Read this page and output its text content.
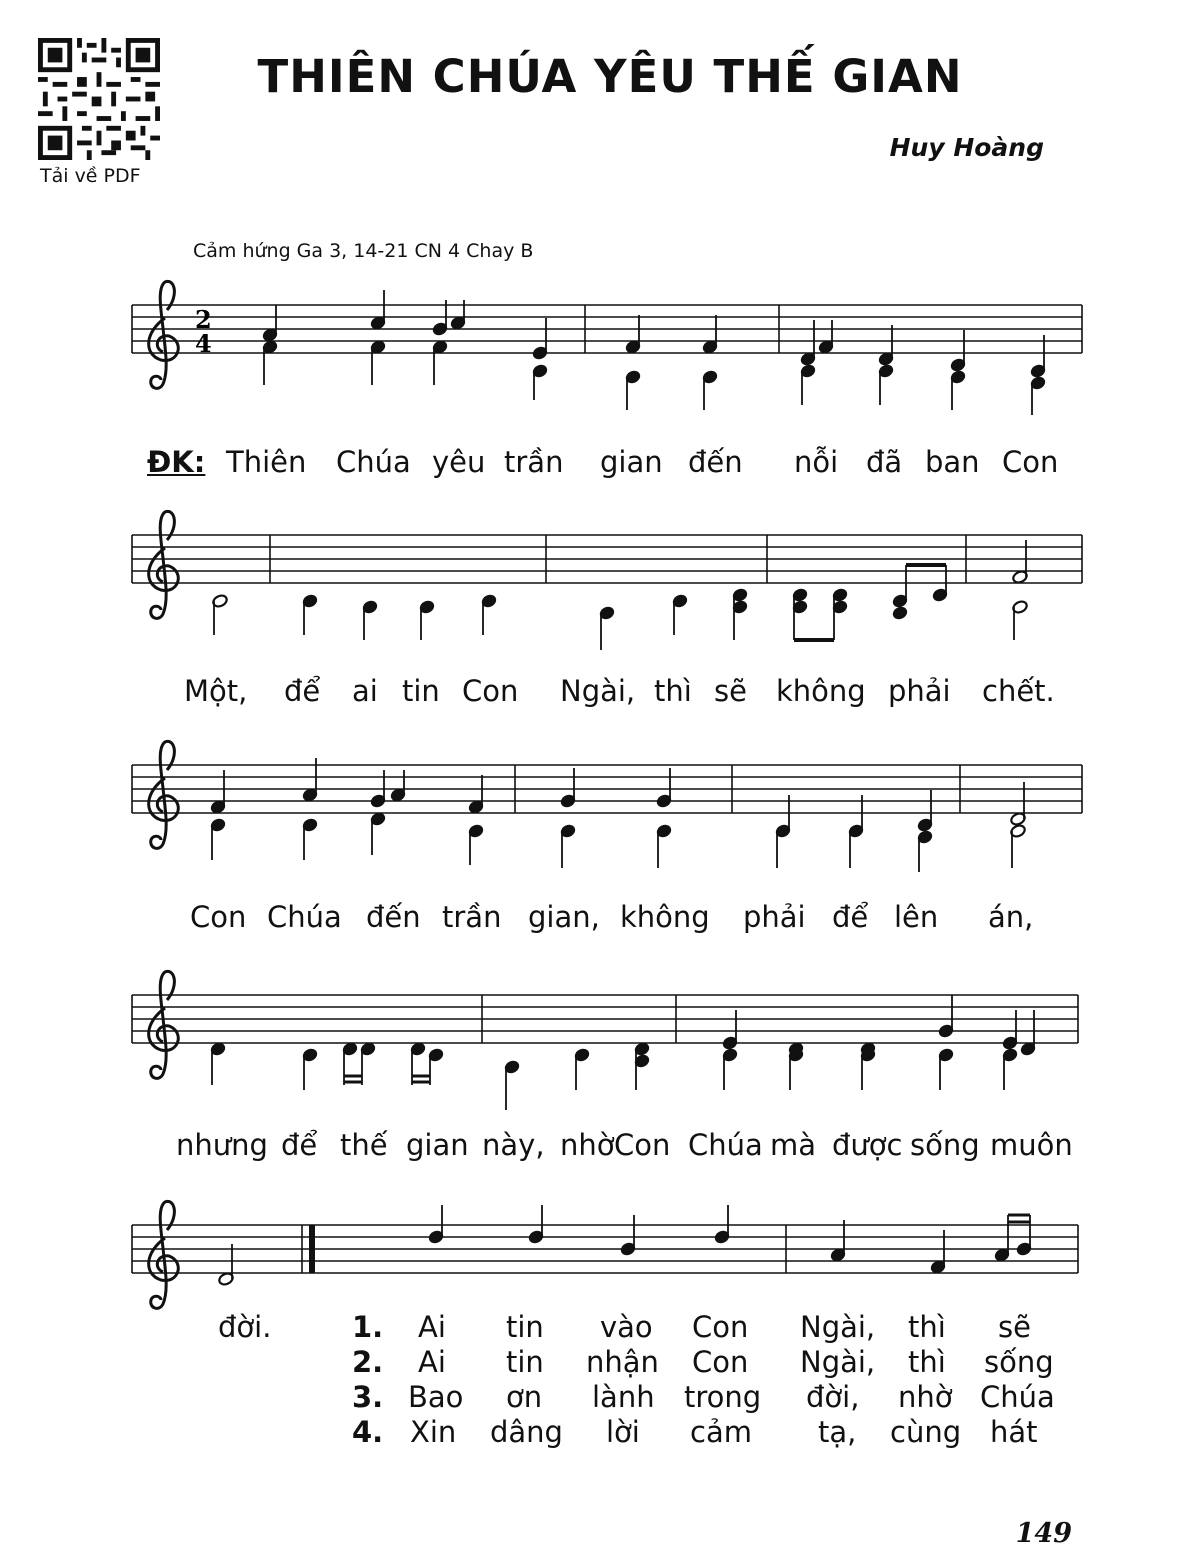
Tải về PDF
THIÊN CHÚA YÊU THẾ GIAN
Huy Hoàng
Cảm hứng Ga 3, 14-21 CN 4 Chay B
2
4
ĐK: Thiên Chúa yêu trần gian đến nỗi đã ban Con
Một, để ai tin Con Ngài, thì sẽ không phải chết.
Con Chúa đến trần gian, không phải để lên án,
nhưng để thế gian này, nhờ Con Chúa mà được sống muôn
đời.	1. Ai tin vào Con Ngài, thì sẽ
2. Ai tin nhận Con Ngài, thì sống
3. Bao ơn lành trong đời, nhờ Chúa
4. Xin dâng lời cảm tạ, cùng hát
149
